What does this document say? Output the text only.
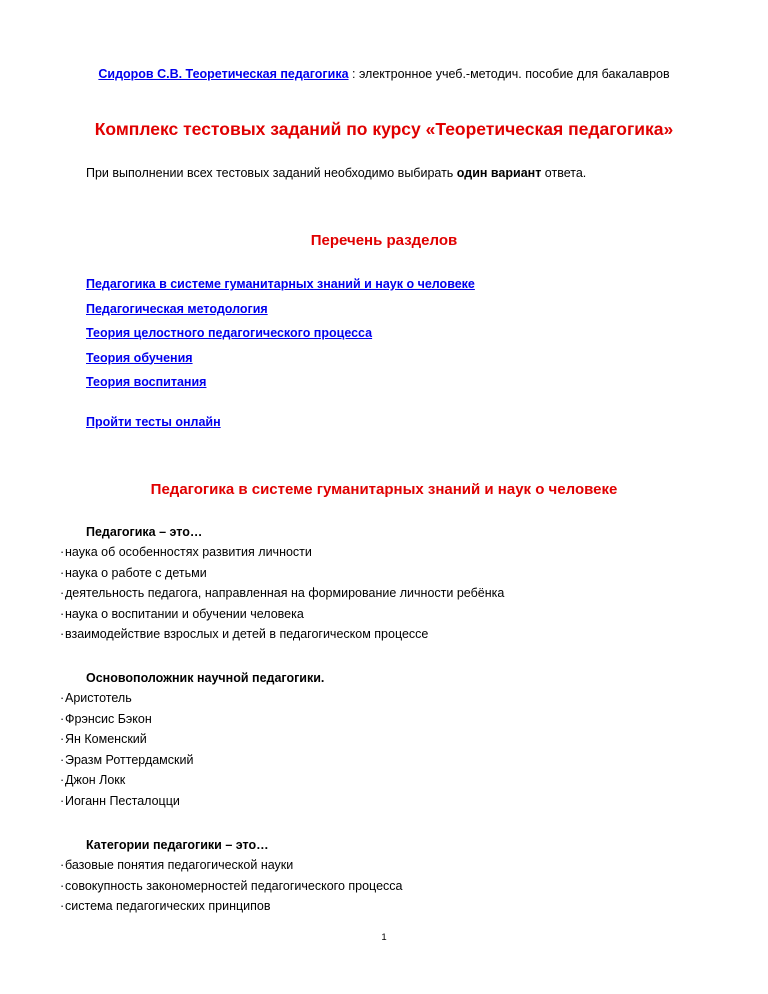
Сидоров С.В. Теоретическая педагогика : электронное учеб.-методич. пособие для бакалавров
Комплекс тестовых заданий по курсу «Теоретическая педагогика»
При выполнении всех тестовых заданий необходимо выбирать один вариант ответа.
Перечень разделов
Педагогика в системе гуманитарных знаний и наук о человеке
Педагогическая методология
Теория целостного педагогического процесса
Теория обучения
Теория воспитания
Пройти тесты онлайн
Педагогика в системе гуманитарных знаний и наук о человеке

Педагогика – это…

· наука об особенностях развития личности
· наука о работе с детьми
· деятельность педагога, направленная на формирование личности ребёнка
· наука о воспитании и обучении человека
· взаимодействие взрослых и детей в педагогическом процессе

Основоположник научной педагогики.

· Аристотель
· Фрэнсис Бэкон
· Ян Коменский
· Эразм Роттердамский
· Джон Локк
· Иоганн Песталоцци

Категории педагогики – это…

· базовые понятия педагогической науки
· совокупность закономерностей педагогического процесса
· система педагогических принципов
1
